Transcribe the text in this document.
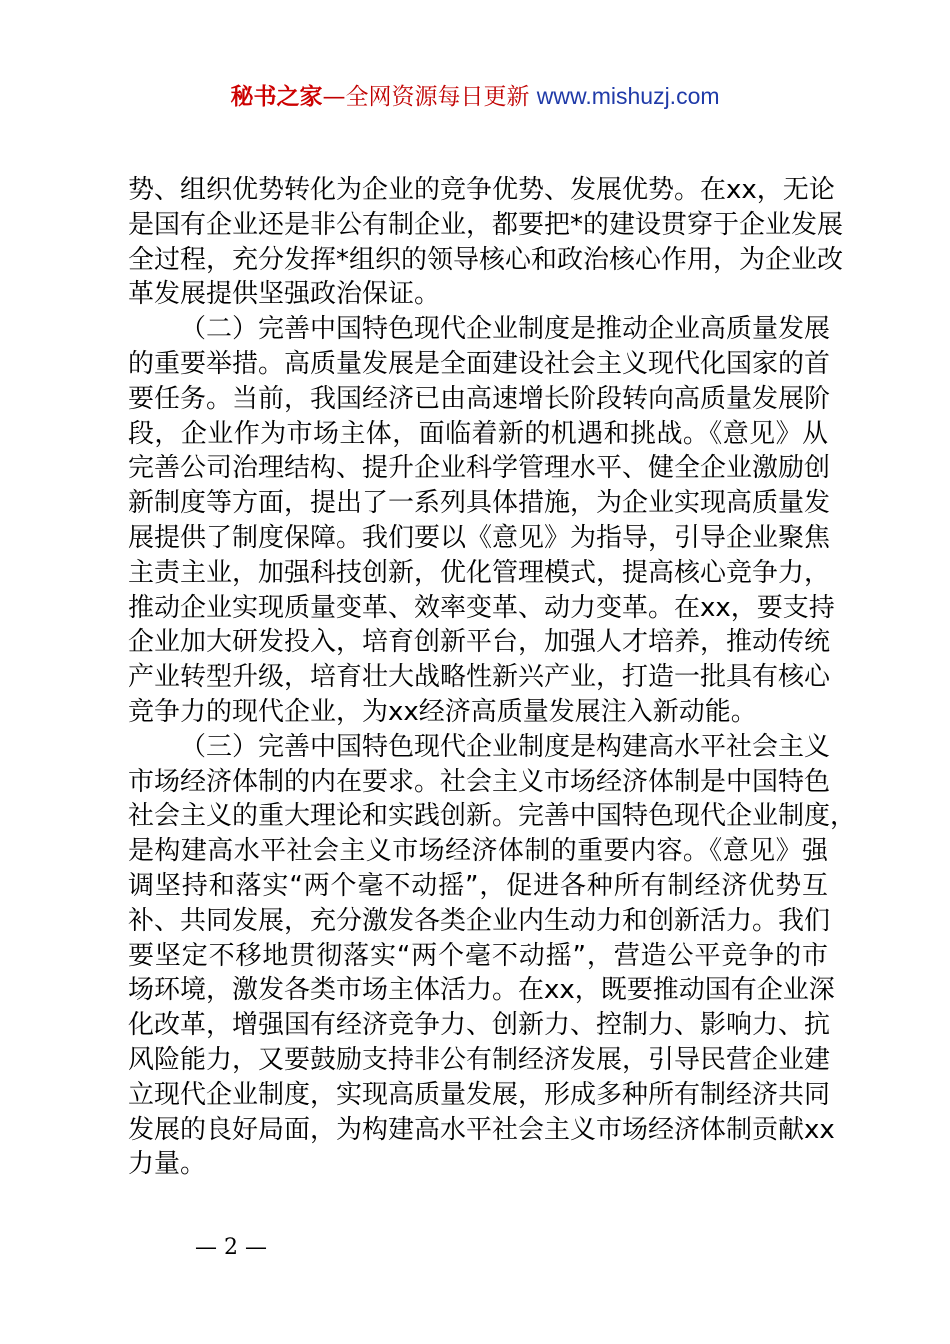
秘书之家—全网资源每日更新 www.mishuzj.com
势、组织优势转化为企业的竞争优势、发展优势。在xx，无论
是国有企业还是非公有制企业，都要把*的建设贯穿于企业发展
全过程，充分发挥*组织的领导核心和政治核心作用，为企业改
革发展提供坚强政治保证。
（二）完善中国特色现代企业制度是推动企业高质量发展
的重要举措。高质量发展是全面建设社会主义现代化国家的首
要任务。当前，我国经济已由高速增长阶段转向高质量发展阶
段，企业作为市场主体，面临着新的机遇和挑战。《意见》从
完善公司治理结构、提升企业科学管理水平、健全企业激励创
新制度等方面，提出了一系列具体措施，为企业实现高质量发
展提供了制度保障。我们要以《意见》为指导，引导企业聚焦
主责主业，加强科技创新，优化管理模式，提高核心竞争力，
推动企业实现质量变革、效率变革、动力变革。在xx，要支持
企业加大研发投入，培育创新平台，加强人才培养，推动传统
产业转型升级，培育壮大战略性新兴产业，打造一批具有核心
竞争力的现代企业，为xx经济高质量发展注入新动能。
（三）完善中国特色现代企业制度是构建高水平社会主义
市场经济体制的内在要求。社会主义市场经济体制是中国特色
社会主义的重大理论和实践创新。完善中国特色现代企业制度，
是构建高水平社会主义市场经济体制的重要内容。《意见》强
调坚持和落实“两个毫不动摇”，促进各种所有制经济优势互
补、共同发展，充分激发各类企业内生动力和创新活力。我们
要坚定不移地贯彻落实“两个毫不动摇”，营造公平竞争的市
场环境，激发各类市场主体活力。在xx，既要推动国有企业深
化改革，增强国有经济竞争力、创新力、控制力、影响力、抗
风险能力，又要鼓励支持非公有制经济发展，引导民营企业建
立现代企业制度，实现高质量发展，形成多种所有制经济共同
发展的良好局面，为构建高水平社会主义市场经济体制贡献xx
力量。
— 2 —
